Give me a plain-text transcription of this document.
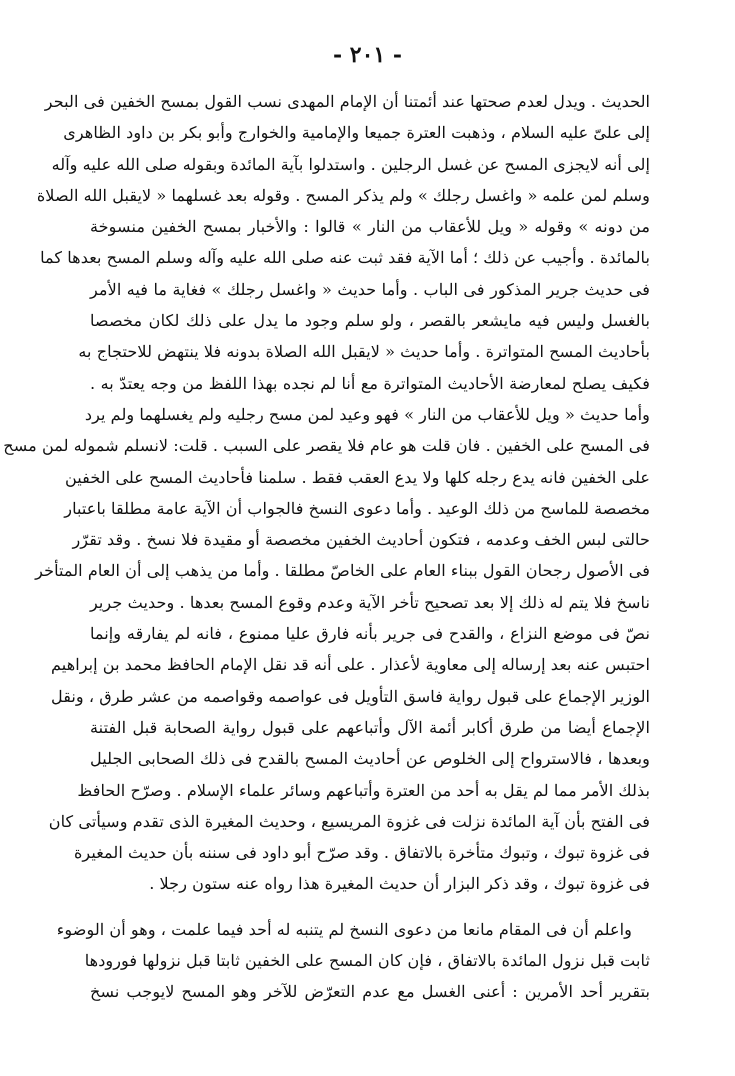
- ٢٠١ -
الحديث . ويدل لعدم صحتها عند أئمتنا أن الإمام المهدى نسب القول بمسح الخفين فى البحر
إلى علىّ عليه السلام ، وذهبت العترة جميعا والإمامية والخوارج وأبو بكر بن داود الظاهرى
إلى أنه لايجزى المسح عن غسل الرجلين . واستدلوا بآية المائدة وبقوله صلى الله عليه وآله
وسلم لمن علمه « واغسل رجلك » ولم يذكر المسح . وقوله بعد غسلهما « لايقبل الله الصلاة
من دونه » وقوله « ويل للأعقاب من النار » قالوا : والأخبار بمسح الخفين منسوخة
بالمائدة . وأجيب عن ذلك ؛ أما الآية فقد ثبت عنه صلى الله عليه وآله وسلم المسح بعدها كما
فى حديث جرير المذكور فى الباب . وأما حديث « واغسل رجلك » فغاية ما فيه الأمر
بالغسل وليس فيه مايشعر بالقصر ، ولو سلم وجود ما يدل على ذلك لكان مخصصا
بأحاديث المسح المتواترة . وأما حديث « لايقبل الله الصلاة بدونه فلا ينتهض للاحتجاج به
فكيف يصلح لمعارضة الأحاديث المتواترة مع أنا لم نجده بهذا اللفظ من وجه يعتدّ به .
وأما حديث « ويل للأعقاب من النار » فهو وعيد لمن مسح رجليه ولم يغسلهما ولم يرد
فى المسح على الخفين . فان قلت هو عام فلا يقصر على السبب . قلت: لانسلم شموله لمن مسح
على الخفين فانه يدع رجله كلها ولا يدع العقب فقط . سلمنا فأحاديث المسح على الخفين
مخصصة للماسح من ذلك الوعيد . وأما دعوى النسخ فالجواب أن الآية عامة مطلقا باعتبار
حالتى لبس الخف وعدمه ، فتكون أحاديث الخفين مخصصة أو مقيدة فلا نسخ . وقد تقرّر
فى الأصول رجحان القول ببناء العام على الخاصّ مطلقا . وأما من يذهب إلى أن العام المتأخر
ناسخ فلا يتم له ذلك إلا بعد تصحيح تأخر الآية وعدم وقوع المسح بعدها . وحديث جرير
نصّ فى موضع النزاع ، والقدح فى جرير بأنه فارق عليا ممنوع ، فانه لم يفارقه وإنما
احتبس عنه بعد إرساله إلى معاوية لأعذار . على أنه قد نقل الإمام الحافظ محمد بن إبراهيم
الوزير الإجماع على قبول رواية فاسق التأويل فى عواصمه وقواصمه من عشر طرق ، ونقل
الإجماع أيضا من طرق أكابر أئمة الآل وأتباعهم على قبول رواية الصحابة قبل الفتنة
وبعدها ، فالاسترواح إلى الخلوص عن أحاديث المسح بالقدح فى ذلك الصحابى الجليل
بذلك الأمر مما لم يقل به أحد من العترة وأتباعهم وسائر علماء الإسلام . وصرّح الحافظ
فى الفتح بأن آية المائدة نزلت فى غزوة المريسيع ، وحديث المغيرة الذى تقدم وسيأتى كان
فى غزوة تبوك ، وتبوك متأخرة بالاتفاق . وقد صرّح أبو داود فى سننه بأن حديث المغيرة
فى غزوة تبوك ، وقد ذكر البزار أن حديث المغيرة هذا رواه عنه ستون رجلا .
واعلم أن فى المقام مانعا من دعوى النسخ لم يتنبه له أحد فيما علمت ، وهو أن الوضوء
ثابت قبل نزول المائدة بالاتفاق ، فإن كان المسح على الخفين ثابتا قبل نزولها فورودها
بتقرير أحد الأمرين : أعنى الغسل مع عدم التعرّض للآخر وهو المسح لايوجب نسخ
